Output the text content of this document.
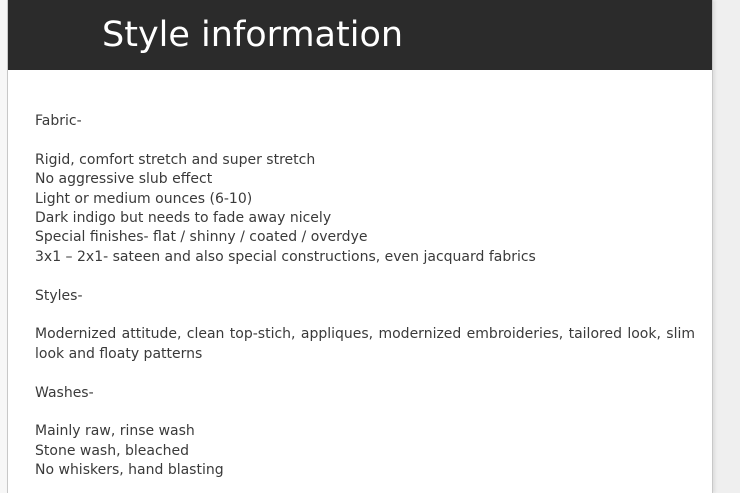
Style information

Fabric-

Rigid, comfort stretch and super stretch

No aggressive slub effect

Light or medium ounces (6-10)

Dark indigo but needs to fade away nicely

Special finishes- flat / shinny / coated / overdye

3x1 – 2x1- sateen and also special constructions, even jacquard fabrics

Styles-

Modernized attitude, clean top-stich, appliques, modernized embroideries, tailored look, slim look and floaty patterns

Washes-

Mainly raw, rinse wash

Stone wash, bleached

No whiskers, hand blasting
